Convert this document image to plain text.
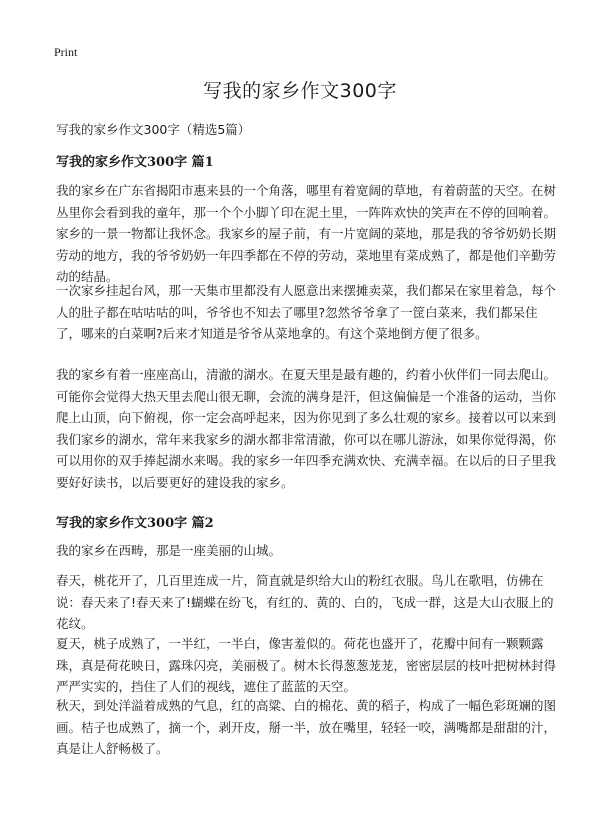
Print
写我的家乡作文300字
写我的家乡作文300字（精选5篇）
写我的家乡作文300字 篇1

我的家乡在广东省揭阳市惠来县的一个角落，哪里有着宽阔的草地，有着蔚蓝的天空。在树丛里你会看到我的童年，那一个个小脚丫印在泥土里，一阵阵欢快的笑声在不停的回响着。家乡的一景一物都让我怀念。我家乡的屋子前，有一片宽阔的菜地，那是我的爷爷奶奶长期劳动的地方，我的爷爷奶奶一年四季都在不停的劳动，菜地里有菜成熟了，都是他们辛勤劳动的结晶。

一次家乡挂起台风，那一天集市里都没有人愿意出来摆摊卖菜，我们都呆在家里着急，每个人的肚子都在咕咕咕的叫，爷爷也不知去了哪里?忽然爷爷拿了一筐白菜来，我们都呆住了，哪来的白菜啊?后来才知道是爷爷从菜地拿的。有这个菜地倒方便了很多。

我的家乡有着一座座高山，清澈的湖水。在夏天里是最有趣的，约着小伙伴们一同去爬山。可能你会觉得大热天里去爬山很无聊，会流的满身是汗，但这偏偏是一个准备的运动，当你爬上山顶，向下俯视，你一定会高呼起来，因为你见到了多么壮观的家乡。接着以可以来到我们家乡的湖水，常年来我家乡的湖水都非常清澈，你可以在哪儿游泳，如果你觉得渴，你可以用你的双手捧起湖水来喝。我的家乡一年四季充满欢快、充满幸福。在以后的日子里我要好好读书，以后要更好的建设我的家乡。

写我的家乡作文300字 篇2

我的家乡在西畴，那是一座美丽的山城。

春天，桃花开了，几百里连成一片，简直就是织给大山的粉红衣服。鸟儿在歌唱，仿佛在说：春天来了!春天来了!蝴蝶在纷飞，有红的、黄的、白的，飞成一群，这是大山衣服上的花纹。

夏天，桃子成熟了，一半红，一半白，像害羞似的。荷花也盛开了，花瓣中间有一颗颗露珠，真是荷花映日，露珠闪亮，美丽极了。树木长得葱葱茏茏，密密层层的枝叶把树林封得严严实实的，挡住了人们的视线，遮住了蓝蓝的天空。

秋天，到处洋溢着成熟的气息，红的高粱、白的棉花、黄的稻子，构成了一幅色彩斑斓的图画。桔子也成熟了，摘一个，剥开皮，掰一半，放在嘴里，轻轻一咬，满嘴都是甜甜的汁，真是让人舒畅极了。
